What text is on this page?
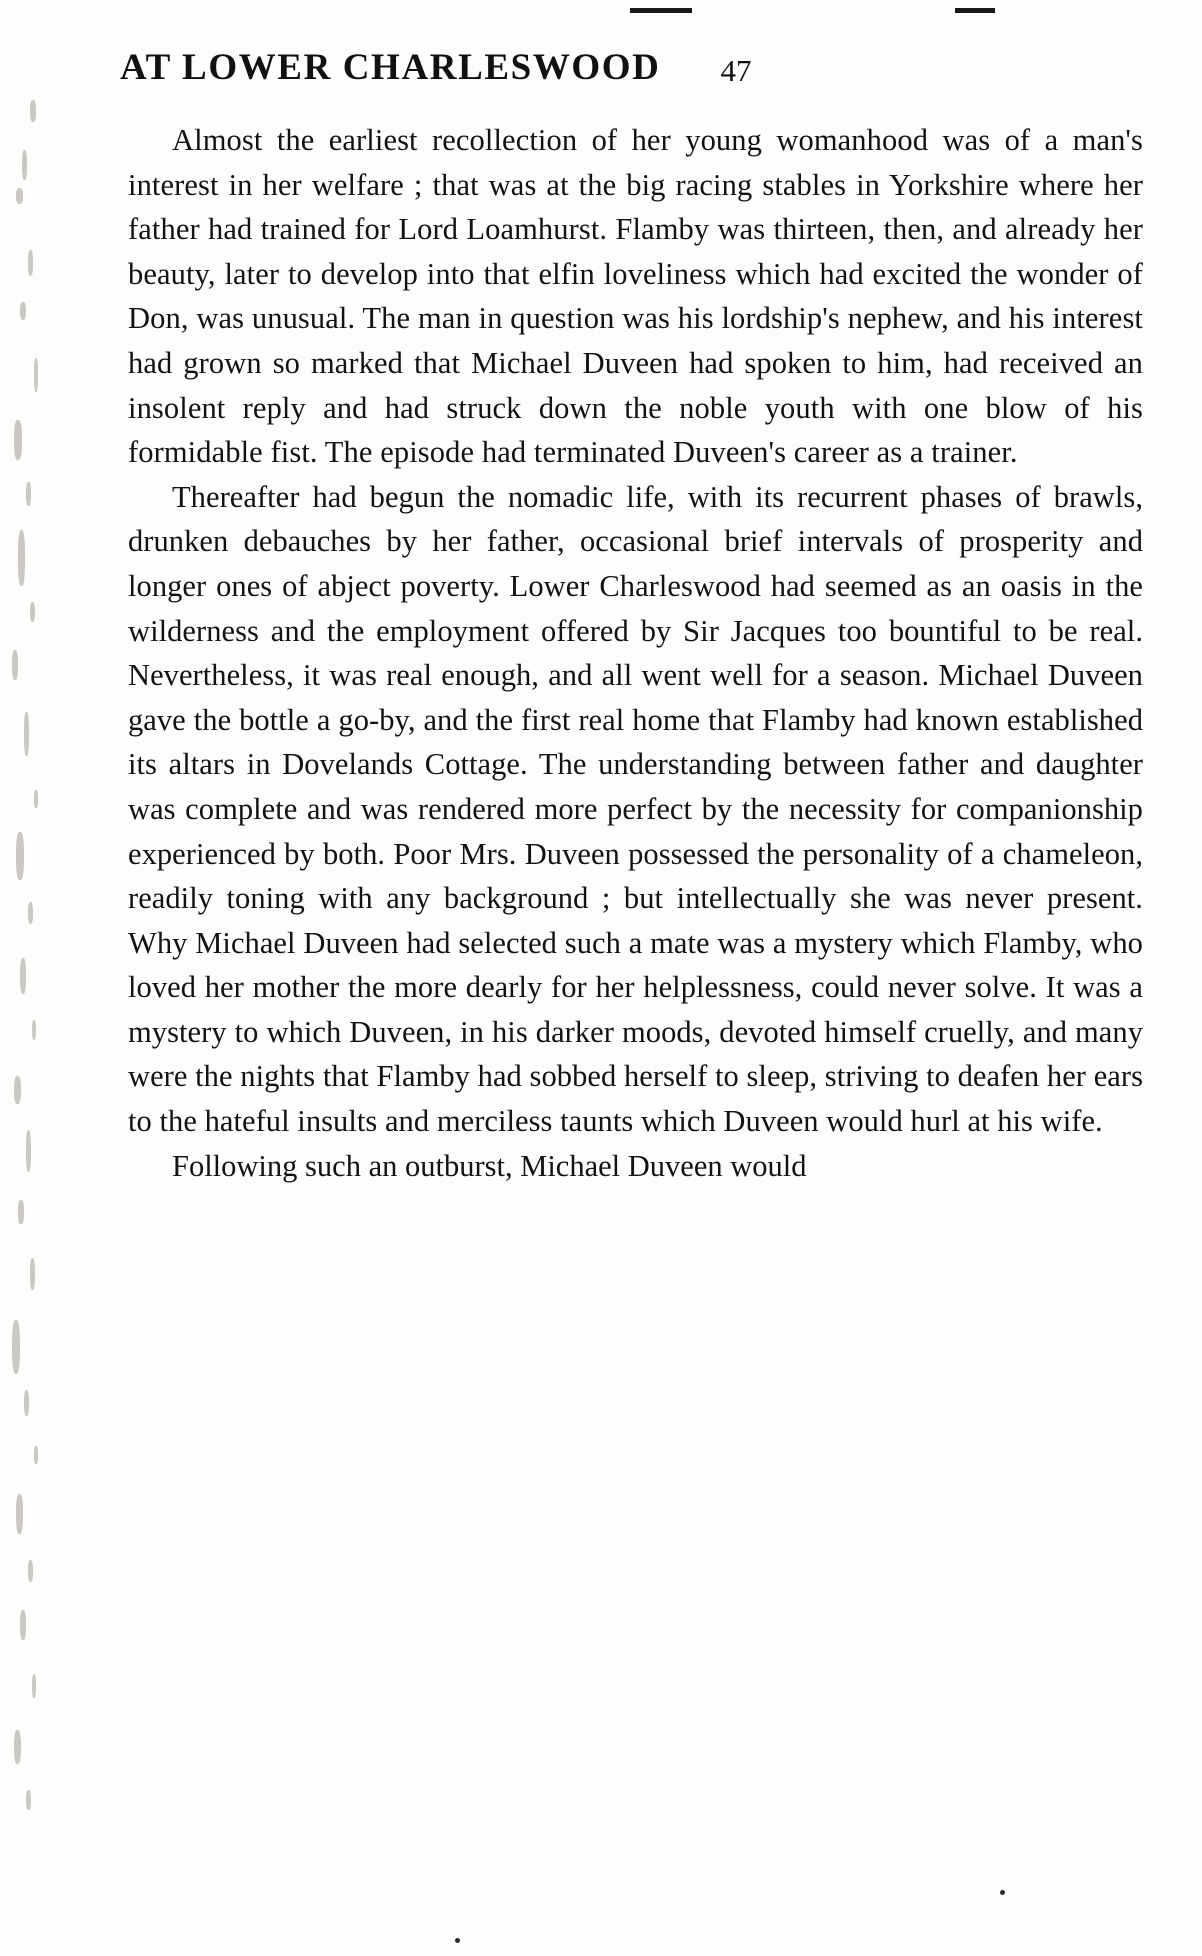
AT LOWER CHARLESWOOD 47

Almost the earliest recollection of her young womanhood was of a man's interest in her welfare ; that was at the big racing stables in Yorkshire where her father had trained for Lord Loamhurst. Flamby was thirteen, then, and already her beauty, later to develop into that elfin loveliness which had excited the wonder of Don, was unusual. The man in question was his lordship's nephew, and his interest had grown so marked that Michael Duveen had spoken to him, had received an insolent reply and had struck down the noble youth with one blow of his formidable fist. The episode had terminated Duveen's career as a trainer.

Thereafter had begun the nomadic life, with its recurrent phases of brawls, drunken debauches by her father, occasional brief intervals of prosperity and longer ones of abject poverty. Lower Charleswood had seemed as an oasis in the wilderness and the employment offered by Sir Jacques too bountiful to be real. Nevertheless, it was real enough, and all went well for a season. Michael Duveen gave the bottle a go-by, and the first real home that Flamby had known established its altars in Dovelands Cottage. The understanding between father and daughter was complete and was rendered more perfect by the necessity for companionship experienced by both. Poor Mrs. Duveen possessed the personality of a chameleon, readily toning with any background ; but intellectually she was never present. Why Michael Duveen had selected such a mate was a mystery which Flamby, who loved her mother the more dearly for her helplessness, could never solve. It was a mystery to which Duveen, in his darker moods, devoted himself cruelly, and many were the nights that Flamby had sobbed herself to sleep, striving to deafen her ears to the hateful insults and merciless taunts which Duveen would hurl at his wife.

Following such an outburst, Michael Duveen would
